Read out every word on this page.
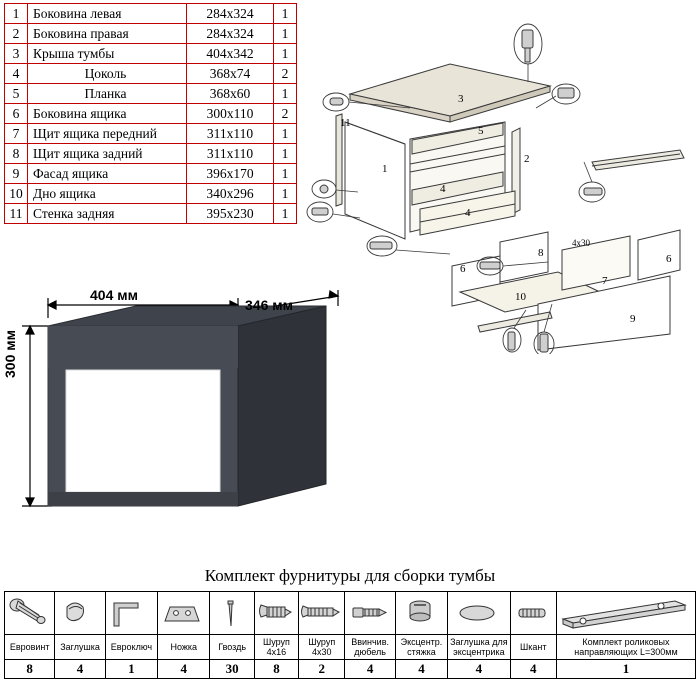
1	Боковина левая	284х324	1
2	Боковина правая	284х324	1
3	Крыша тумбы	404х342	1
4	Цоколь	368х74	2
5	Планка	368х60	1
6	Боковина ящика	300х110	2
7	Щит ящика передний	311х110	1
8	Щит ящика задний	311х110	1
9	Фасад ящика	396х170	1
10	Дно ящика	340х296	1
11	Стенка задняя	395х230	1
1
2
3
4
4
5
6
6
7
8
9
10
11
4х30
404 мм
346 мм
300 мм
Комплект фурнитуры для сборки тумбы

Евровинт	Заглушка	Евроключ	Ножка	Гвоздь	Шуруп 4х16	Шуруп 4х30	Ввинчив. дюбель	Эксцентр. стяжка	Заглушка для эксцентрика	Шкант	Комплект роликовых направляющих L=300мм
8	4	1	4	30	8	2	4	4	4	4	1
